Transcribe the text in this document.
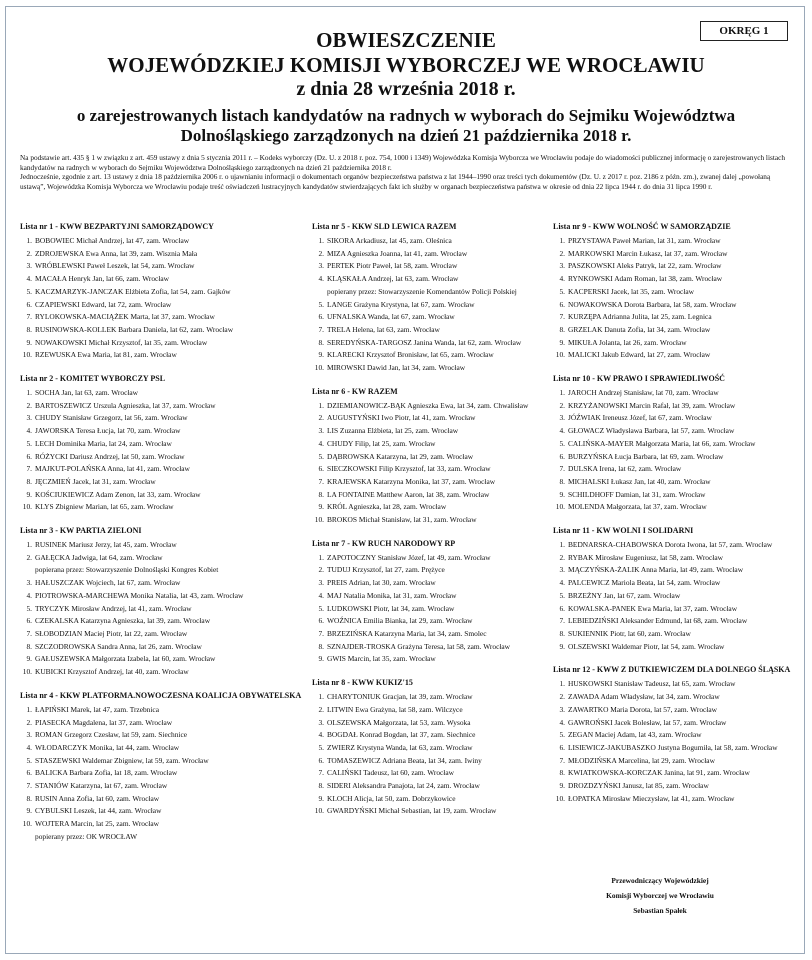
OKRĘG 1
OBWIESZCZENIE
WOJEWÓDZKIEJ KOMISJI WYBORCZEJ WE WROCŁAWIU
z dnia 28 września 2018 r.
o zarejestrowanych listach kandydatów na radnych w wyborach do Sejmiku Województwa
Dolnośląskiego zarządzonych na dzień 21 października 2018 r.

Na podstawie art. 435 § 1 w związku z art. 459 ustawy z dnia 5 stycznia 2011 r. – Kodeks wyborczy (Dz. U. z 2018 r. poz. 754, 1000 i 1349) Wojewódzka Komisja Wyborcza we Wrocławiu podaje do wiadomości publicznej informację o zarejestrowanych listach kandydatów na radnych w wyborach do Sejmiku Województwa Dolnośląskiego zarządzonych na dzień 21 października 2018 r.

Jednocześnie, zgodnie z art. 13 ustawy z dnia 18 października 2006 r. o ujawnianiu informacji o dokumentach organów bezpieczeństwa państwa z lat 1944–1990 oraz treści tych dokumentów (Dz. U. z 2017 r. poz. 2186 z późn. zm.), zwanej dalej „powołaną ustawą”, Wojewódzka Komisja Wyborcza we Wrocławiu podaje treść oświadczeń lustracyjnych kandydatów stwierdzających fakt ich służby w organach bezpieczeństwa państwa w okresie od dnia 22 lipca 1944 r. do dnia 31 lipca 1990 r.

Lista nr 1 - KWW BEZPARTYJNI SAMORZĄDOWCY
1. BOBOWIEC Michał Andrzej, lat 47, zam. Wrocław
2. ZDROJEWSKA Ewa Anna, lat 39, zam. Wisznia Mała
3. WRÓBLEWSKI Paweł Leszek, lat 54, zam. Wrocław
4. MACAŁA Henryk Jan, lat 66, zam. Wrocław
5. KACZMARZYK-JANCZAK Elżbieta Zofia, lat 54, zam. Gajków
6. CZAPIEWSKI Edward, lat 72, zam. Wrocław
7. RYLOKOWSKA-MACIĄŻEK Marta, lat 37, zam. Wrocław
8. RUSINOWSKA-KOLLEK Barbara Daniela, lat 62, zam. Wrocław
9. NOWAKOWSKI Michał Krzysztof, lat 35, zam. Wrocław
10. RZEWUSKA Ewa Maria, lat 81, zam. Wrocław
Lista nr 2 - KOMITET WYBORCZY PSL
1. SOCHA Jan, lat 63, zam. Wrocław
2. BARTOSZEWICZ Urszula Agnieszka, lat 37, zam. Wrocław
3. CHUDY Stanisław Grzegorz, lat 56, zam. Wrocław
4. JAWORSKA Teresa Łucja, lat 70, zam. Wrocław
5. LECH Dominika Maria, lat 24, zam. Wrocław
6. RÓŻYCKI Dariusz Andrzej, lat 50, zam. Wrocław
7. MAJKUT-POLAŃSKA Anna, lat 41, zam. Wrocław
8. JĘCZMIEŃ Jacek, lat 31, zam. Wrocław
9. KOŚCIUKIEWICZ Adam Zenon, lat 33, zam. Wrocław
10. KLYS Zbigniew Marian, lat 65, zam. Wrocław
Lista nr 3 - KW PARTIA ZIELONI
1. RUSINEK Mariusz Jerzy, lat 45, zam. Wrocław
2. GAŁĘCKA Jadwiga, lat 64, zam. Wrocław
popierana przez: Stowarzyszenie Dolnośląski Kongres Kobiet
3. HAŁUSZCZAK Wojciech, lat 67, zam. Wrocław
4. PIOTROWSKA-MARCHEWA Monika Natalia, lat 43, zam. Wrocław
5. TRYCZYK Mirosław Andrzej, lat 41, zam. Wrocław
6. CZEKALSKA Katarzyna Agnieszka, lat 39, zam. Wrocław
7. SŁOBODZIAN Maciej Piotr, lat 22, zam. Wrocław
8. SZCZODROWSKA Sandra Anna, lat 26, zam. Wrocław
9. GAŁUSZEWSKA Małgorzata Izabela, lat 60, zam. Wrocław
10. KUBICKI Krzysztof Andrzej, lat 40, zam. Wrocław
Lista nr 4 - KKW PLATFORMA.NOWOCZESNA KOALICJA OBYWATELSKA
1. ŁAPIŃSKI Marek, lat 47, zam. Trzebnica
2. PIASECKA Magdalena, lat 37, zam. Wrocław
3. ROMAN Grzegorz Czesław, lat 59, zam. Siechnice
4. WŁODARCZYK Monika, lat 44, zam. Wrocław
5. STASZEWSKI Waldemar Zbigniew, lat 59, zam. Wrocław
6. BALICKA Barbara Zofia, lat 18, zam. Wrocław
7. STANIÓW Katarzyna, lat 67, zam. Wrocław
8. RUSIN Anna Zofia, lat 60, zam. Wrocław
9. CYBULSKI Leszek, lat 44, zam. Wrocław
10. WOJTERA Marcin, lat 25, zam. Wrocław
popierany przez: OK WROCŁAW
Lista nr 5 - KKW SLD LEWICA RAZEM
1. SIKORA Arkadiusz, lat 45, zam. Oleśnica
2. MIZA Agnieszka Joanna, lat 41, zam. Wrocław
3. PERTEK Piotr Paweł, lat 58, zam. Wrocław
4. KLĄSKAŁA Andrzej, lat 63, zam. Wrocław
popierany przez: Stowarzyszenie Komendantów Policji Polskiej
5. LANGE Grażyna Krystyna, lat 67, zam. Wrocław
6. UFNALSKA Wanda, lat 67, zam. Wrocław
7. TRELA Helena, lat 63, zam. Wrocław
8. SEREDYŃSKA-TARGOSZ Janina Wanda, lat 62, zam. Wrocław
9. KLARECKI Krzysztof Bronisław, lat 65, zam. Wrocław
10. MIROWSKI Dawid Jan, lat 34, zam. Wrocław
Lista nr 6 - KW RAZEM
1. DZIEMIANOWICZ-BĄK Agnieszka Ewa, lat 34, zam. Chwalisław
2. AUGUSTYŃSKI Iwo Piotr, lat 41, zam. Wrocław
3. LIS Zuzanna Elżbieta, lat 25, zam. Wrocław
4. CHUDY Filip, lat 25, zam. Wrocław
5. DĄBROWSKA Katarzyna, lat 29, zam. Wrocław
6. SIECZKOWSKI Filip Krzysztof, lat 33, zam. Wrocław
7. KRAJEWSKA Katarzyna Monika, lat 37, zam. Wrocław
8. LA FONTAINE Matthew Aaron, lat 38, zam. Wrocław
9. KRÓL Agnieszka, lat 28, zam. Wrocław
10. BROKOS Michał Stanisław, lat 31, zam. Wrocław
Lista nr 7 - KW RUCH NARODOWY RP
1. ZAPOTOCZNY Stanisław Józef, lat 49, zam. Wrocław
2. TUDUJ Krzysztof, lat 27, zam. Prężyce
3. PREIS Adrian, lat 30, zam. Wrocław
4. MAJ Natalia Monika, lat 31, zam. Wrocław
5. LUDKOWSKI Piotr, lat 34, zam. Wrocław
6. WOŹNICA Emilia Bianka, lat 29, zam. Wrocław
7. BRZEZIŃSKA Katarzyna Maria, lat 34, zam. Smolec
8. SZNAJDER-TROSKA Grażyna Teresa, lat 58, zam. Wrocław
9. GWIS Marcin, lat 35, zam. Wrocław
Lista nr 8 - KWW KUKIZ'15
1. CHARYTONIUK Gracjan, lat 39, zam. Wrocław
2. LITWIN Ewa Grażyna, lat 58, zam. Wilczyce
3. OLSZEWSKA Małgorzata, lat 53, zam. Wysoka
4. BOGDAŁ Konrad Bogdan, lat 37, zam. Siechnice
5. ZWIERZ Krystyna Wanda, lat 63, zam. Wrocław
6. TOMASZEWICZ Adriana Beata, lat 34, zam. Iwiny
7. CALIŃSKI Tadeusz, lat 60, zam. Wrocław
8. SIDERI Aleksandra Panajota, lat 24, zam. Wrocław
9. KLOCH Alicja, lat 50, zam. Dobrzykowice
10. GWARDYŃSKI Michał Sebastian, lat 19, zam. Wrocław
Lista nr 9 - KWW WOLNOŚĆ W SAMORZĄDZIE
1. PRZYSTAWA Paweł Marian, lat 31, zam. Wrocław
2. MARKOWSKI Marcin Łukasz, lat 37, zam. Wrocław
3. PASZKOWSKI Aleks Patryk, lat 22, zam. Wrocław
4. RYNKOWSKI Adam Roman, lat 38, zam. Wrocław
5. KACPERSKI Jacek, lat 35, zam. Wrocław
6. NOWAKOWSKA Dorota Barbara, lat 58, zam. Wrocław
7. KURZĘPA Adrianna Julita, lat 25, zam. Legnica
8. GRZELAK Danuta Zofia, lat 34, zam. Wrocław
9. MIKUŁA Jolanta, lat 26, zam. Wrocław
10. MALICKI Jakub Edward, lat 27, zam. Wrocław
Lista nr 10 - KW PRAWO I SPRAWIEDLIWOŚĆ
1. JAROCH Andrzej Stanisław, lat 70, zam. Wrocław
2. KRZYŻANOWSKI Marcin Rafał, lat 39, zam. Wrocław
3. JÓŹWIAK Ireneusz Józef, lat 67, zam. Wrocław
4. GŁOWACZ Władysława Barbara, lat 57, zam. Wrocław
5. CALIŃSKA-MAYER Małgorzata Maria, lat 66, zam. Wrocław
6. BURZYŃSKA Łucja Barbara, lat 69, zam. Wrocław
7. DULSKA Irena, lat 62, zam. Wrocław
8. MICHALSKI Łukasz Jan, lat 40, zam. Wrocław
9. SCHILDHOFF Damian, lat 31, zam. Wrocław
10. MOLENDA Małgorzata, lat 37, zam. Wrocław
Lista nr 11 - KW WOLNI I SOLIDARNI
1. BEDNARSKA-CHABOWSKA Dorota Iwona, lat 57, zam. Wrocław
2. RYBAK Mirosław Eugeniusz, lat 58, zam. Wrocław
3. MĄCZYŃSKA-ŻALIK Anna Maria, lat 49, zam. Wrocław
4. PALCEWICZ Mariola Beata, lat 54, zam. Wrocław
5. BRZEŻNY Jan, lat 67, zam. Wrocław
6. KOWALSKA-PANEK Ewa Maria, lat 37, zam. Wrocław
7. LEBIEDZIŃSKI Aleksander Edmund, lat 68, zam. Wrocław
8. SUKIENNIK Piotr, lat 60, zam. Wrocław
9. OLSZEWSKI Waldemar Piotr, lat 54, zam. Wrocław
Lista nr 12 - KWW Z DUTKIEWICZEM DLA DOLNEGO ŚLĄSKA
1. HUSKOWSKI Stanisław Tadeusz, lat 65, zam. Wrocław
2. ZAWADA Adam Władysław, lat 34, zam. Wrocław
3. ZAWARTKO Maria Dorota, lat 57, zam. Wrocław
4. GAWROŃSKI Jacek Bolesław, lat 57, zam. Wrocław
5. ZEGAN Maciej Adam, lat 43, zam. Wrocław
6. LISIEWICZ-JAKUBASZKO Justyna Bogumiła, lat 58, zam. Wrocław
7. MŁODZIŃSKA Marcelina, lat 29, zam. Wrocław
8. KWIATKOWSKA-KORCZAK Janina, lat 91, zam. Wrocław
9. DROZDZYŃSKI Janusz, lat 85, zam. Wrocław
10. ŁOPATKA Mirosław Mieczysław, lat 41, zam. Wrocław
Przewodniczący Wojewódzkiej
Komisji Wyborczej we Wrocławiu
Sebastian Spałek
